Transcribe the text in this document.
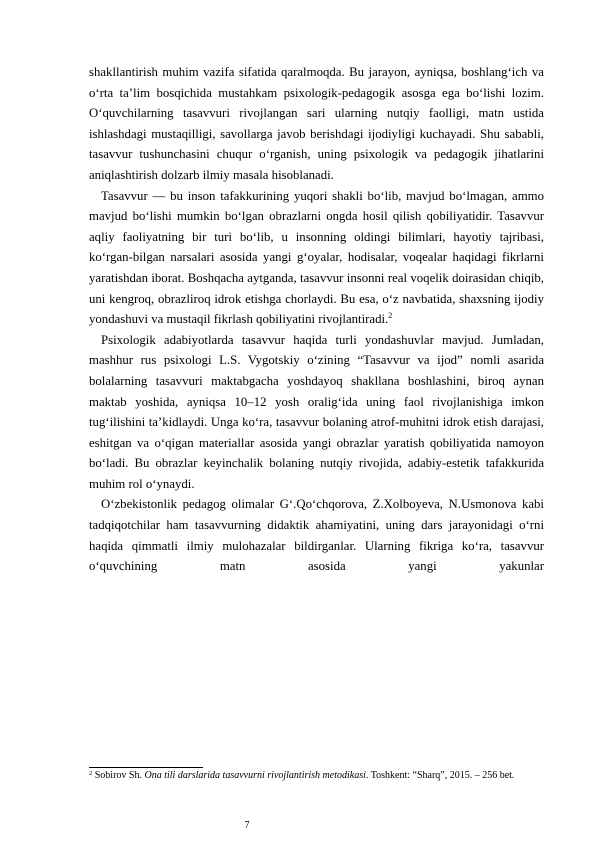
shakllantirish muhim vazifa sifatida qaralmoqda. Bu jarayon, ayniqsa, boshlang‘ich va o‘rta ta’lim bosqichida mustahkam psixologik-pedagogik asosga ega bo‘lishi lozim. O‘quvchilarning tasavvuri rivojlangan sari ularning nutqiy faolligi, matn ustida ishlashdagi mustaqilligi, savollarga javob berishdagi ijodiyligi kuchayadi. Shu sababli, tasavvur tushunchasini chuqur o‘rganish, uning psixologik va pedagogik jihatlarini aniqlashtirish dolzarb ilmiy masala hisoblanadi.

Tasavvur — bu inson tafakkurining yuqori shakli bo‘lib, mavjud bo‘lmagan, ammo mavjud bo‘lishi mumkin bo‘lgan obrazlarni ongda hosil qilish qobiliyatidir. Tasavvur aqliy faoliyatning bir turi bo‘lib, u insonning oldingi bilimlari, hayotiy tajribasi, ko‘rgan-bilgan narsalari asosida yangi g‘oyalar, hodisalar, voqealar haqidagi fikrlarni yaratishdan iborat. Boshqacha aytganda, tasavvur insonni real voqelik doirasidan chiqib, uni kengroq, obrazliroq idrok etishga chorlaydi. Bu esa, o‘z navbatida, shaxsning ijodiy yondashuvi va mustaqil fikrlash qobiliyatini rivojlantiradi.$^2$

Psixologik adabiyotlarda tasavvur haqida turli yondashuvlar mavjud. Jumladan, mashhur rus psixologi L.S. Vygotskiy o‘zining “Tasavvur va ijod” nomli asarida bolalarning tasavvuri maktabgacha yoshdayoq shakllana boshlashini, biroq aynan maktab yoshida, ayniqsa 10–12 yosh oralig‘ida uning faol rivojlanishiga imkon tug‘ilishini ta’kidlaydi. Unga ko‘ra, tasavvur bolaning atrof-muhitni idrok etish darajasi, eshitgan va o‘qigan materiallar asosida yangi obrazlar yaratish qobiliyatida namoyon bo‘ladi. Bu obrazlar keyinchalik bolaning nutqiy rivojida, adabiy-estetik tafakkurida muhim rol o‘ynaydi.

O‘zbekistonlik pedagog olimalar G‘.Qo‘chqorova, Z.Xolboyeva, N.Usmonova kabi tadqiqotchilar ham tasavvurning didaktik ahamiyatini, uning dars jarayonidagi o‘rni haqida qimmatli ilmiy mulohazalar bildirganlar. Ularning fikriga ko‘ra, tasavvur o‘quvchining matn asosida yangi yakunlar

$^2$ Sobirov Sh. Ona tili darslarida tasavvurni rivojlantirish metodikasi. Toshkent: “Sharq”, 2015. – 256 bet.
7
